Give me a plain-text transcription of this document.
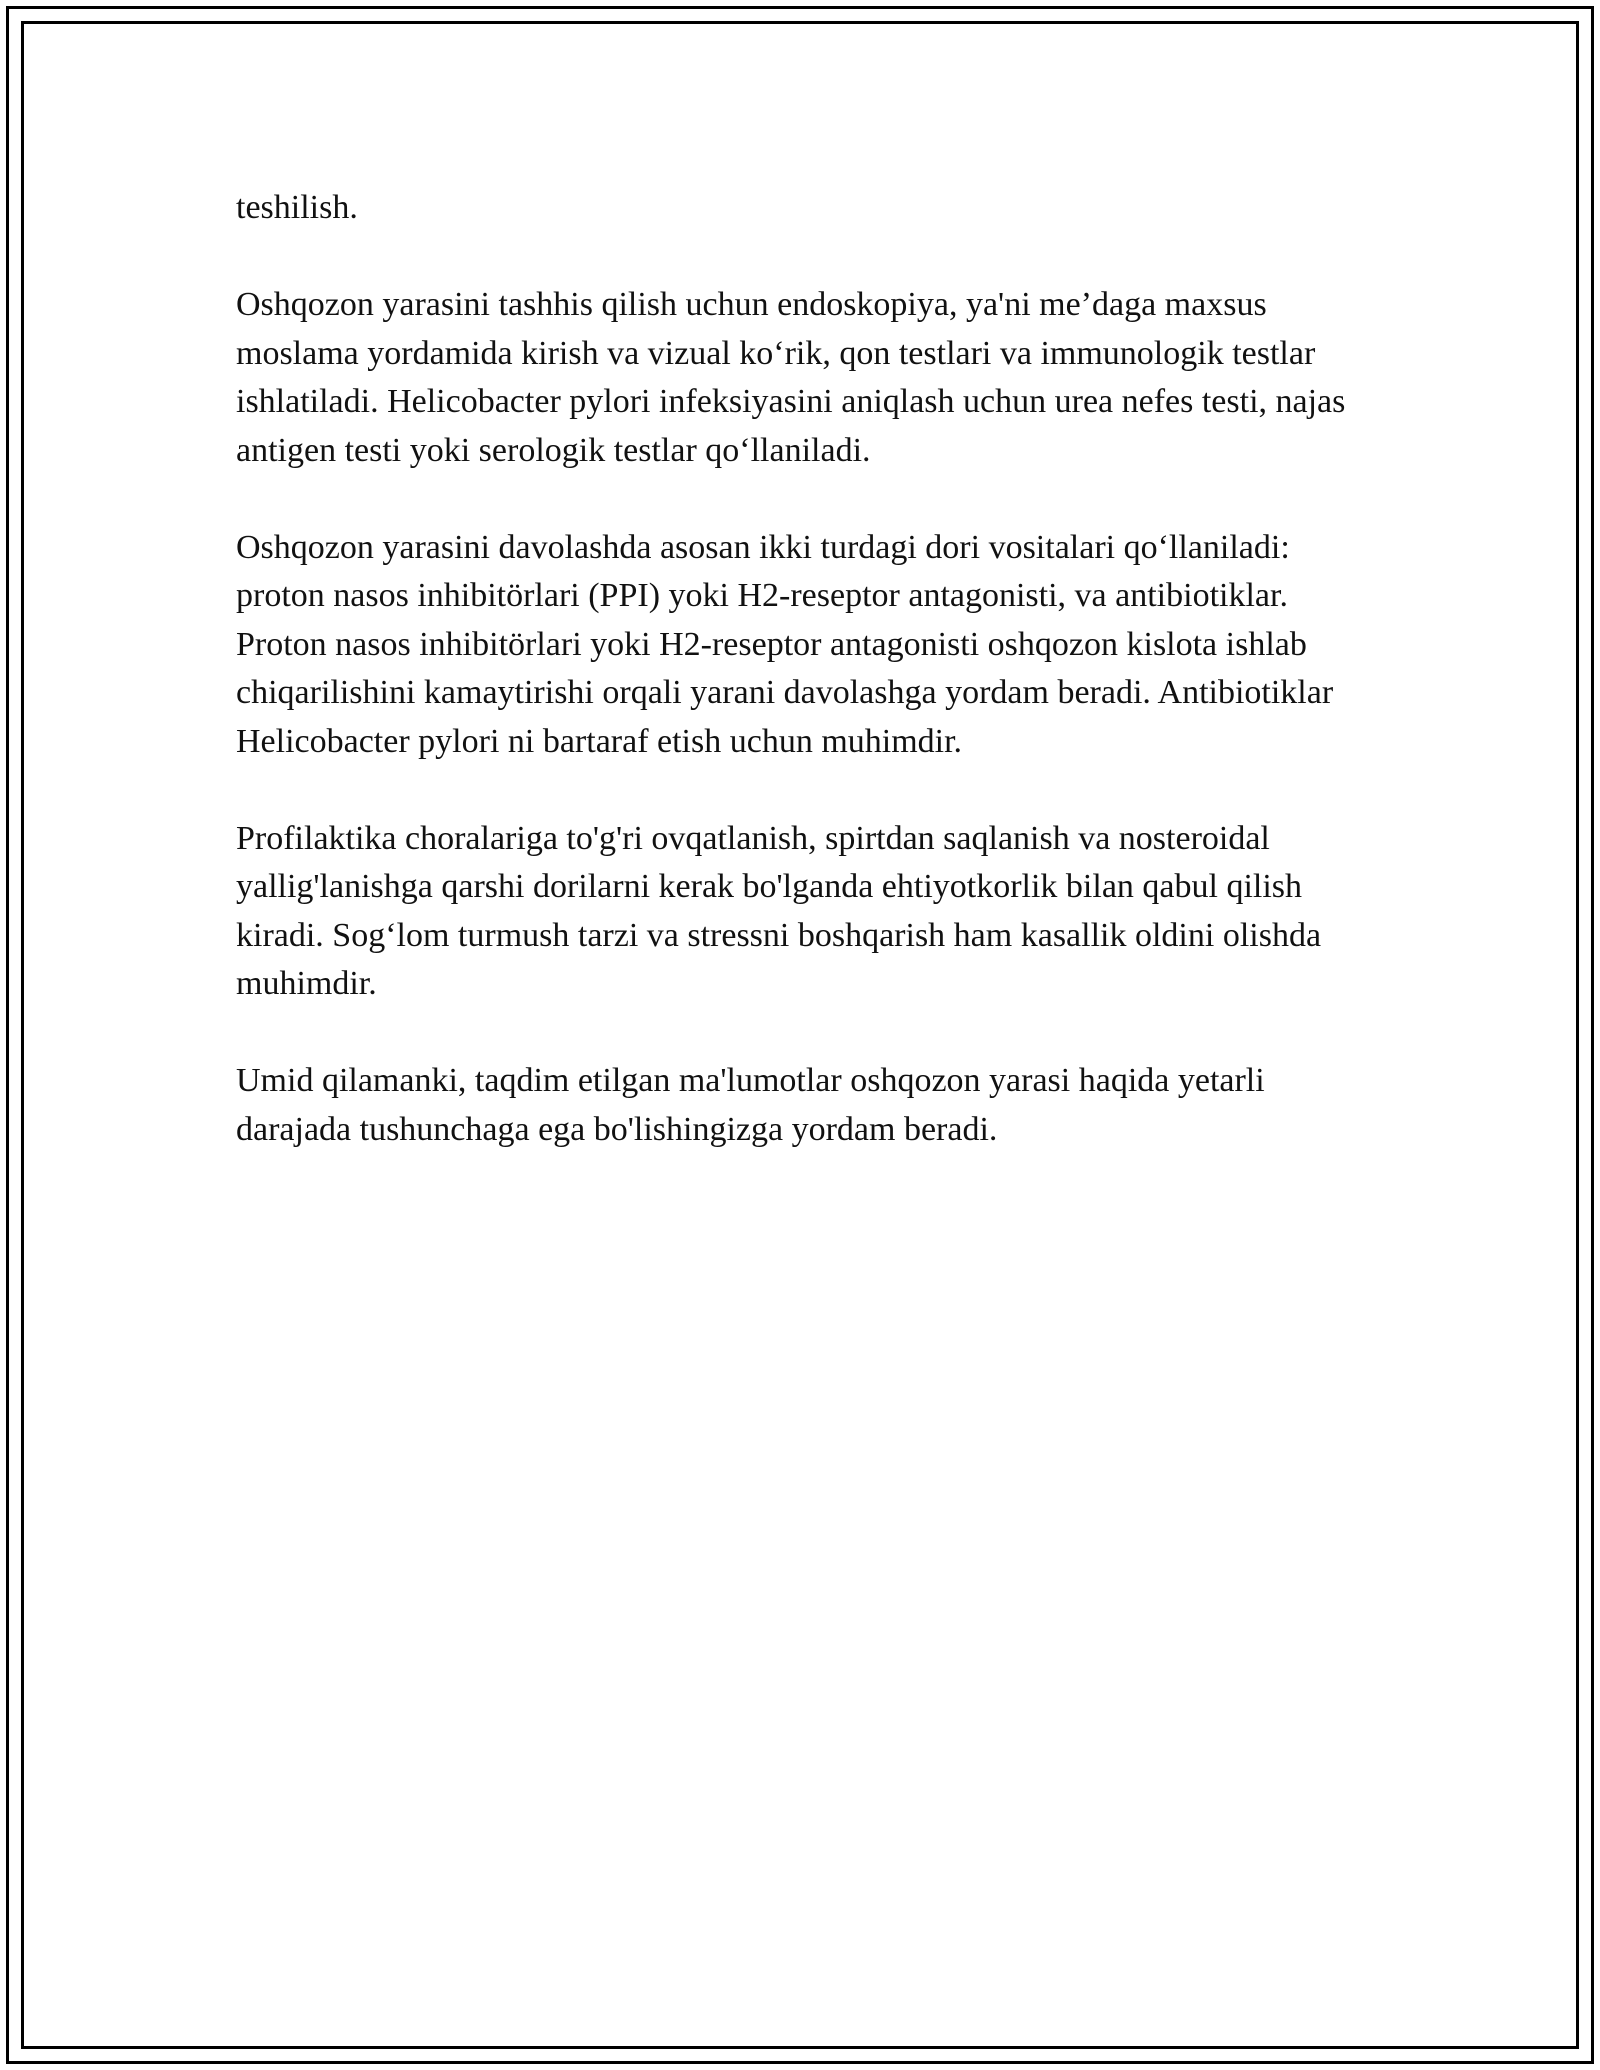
teshilish.

Oshqozon yarasini tashhis qilish uchun endoskopiya, ya'ni me’daga maxsus moslama yordamida kirish va vizual ko‘rik, qon testlari va immunologik testlar ishlatiladi. Helicobacter pylori infeksiyasini aniqlash uchun urea nefes testi, najas antigen testi yoki serologik testlar qo‘llaniladi.

Oshqozon yarasini davolashda asosan ikki turdagi dori vositalari qo‘llaniladi: proton nasos inhibitörlari (PPI) yoki H2-reseptor antagonisti, va antibiotiklar. Proton nasos inhibitörlari yoki H2-reseptor antagonisti oshqozon kislota ishlab chiqarilishini kamaytirishi orqali yarani davolashga yordam beradi. Antibiotiklar Helicobacter pylori ni bartaraf etish uchun muhimdir.

Profilaktika choralariga to'g'ri ovqatlanish, spirtdan saqlanish va nosteroidal yallig'lanishga qarshi dorilarni kerak bo'lganda ehtiyotkorlik bilan qabul qilish kiradi. Sog‘lom turmush tarzi va stressni boshqarish ham kasallik oldini olishda muhimdir.

Umid qilamanki, taqdim etilgan ma'lumotlar oshqozon yarasi haqida yetarli darajada tushunchaga ega bo'lishingizga yordam beradi.
